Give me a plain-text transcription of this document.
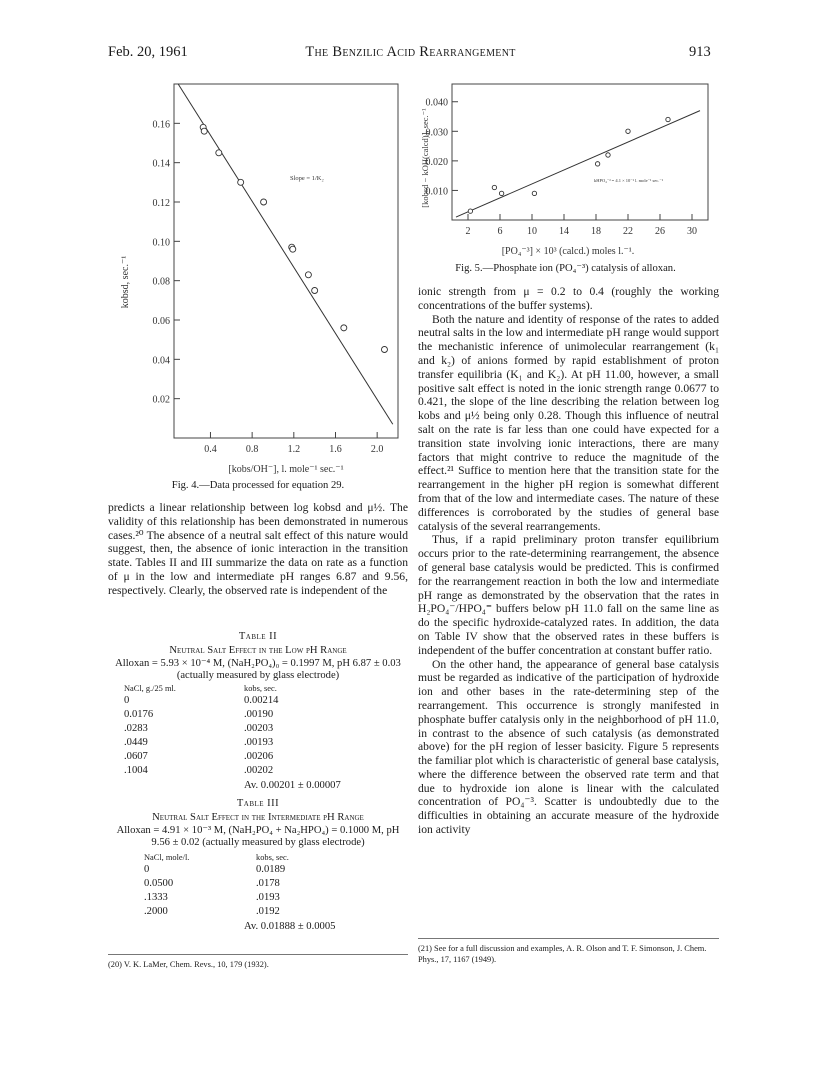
Feb. 20, 1961	The Benzilic Acid Rearrangement	913
0.02
0.04
0.06
0.08
0.10
0.12
0.14
0.16
0.4	0.8	1.2	1.6	2.0
[kobs/OH⁻], l. mole⁻¹ sec.⁻¹
kobsd, sec.⁻¹
Slope = 1/K₂
Fig. 4.—Data processed for equation 29.
0.010
0.020
0.030
0.040
2	6 10 14 18 22 26 30
[PO₄⁻³] × 10³ (calcd.) moles l.⁻¹.
[kobsd − kOH(calcd)], sec.⁻¹	kHPO₄⁻³ = 4.1 × 10⁻¹ l. mole⁻¹ sec.⁻¹
Fig. 5.—Phosphate ion (PO₄⁻³) catalysis of alloxan.

predicts a linear relationship between log kobsd and μ½. The validity of this relationship has been demonstrated in numerous cases.²⁰ The absence of a neutral salt effect of this nature would suggest, then, the absence of ionic interaction in the transition state. Tables II and III summarize the data on rate as a function of μ in the low and intermediate pH ranges 6.87 and 9.56, respectively. Clearly, the observed rate is independent of the

Table II
Neutral Salt Effect in the Low pH Range
Alloxan = 5.93 × 10⁻⁴ M, (NaH₂PO₄)₀ = 0.1997 M, pH 6.87 ± 0.03 (actually measured by glass electrode)
NaCl, g./25 ml.	kobs, sec.
0	0.00214
0.0176	.00190
.0283	.00203
.0449	.00193
.0607	.00206
.1004	.00202
Av. 0.00201 ± 0.00007
Table III
Neutral Salt Effect in the Intermediate pH Range
Alloxan = 4.91 × 10⁻³ M, (NaH₂PO₄ + Na₂HPO₄) = 0.1000 M, pH 9.56 ± 0.02 (actually measured by glass electrode)
NaCl, mole/l.	kobs, sec.
0	0.0189
0.0500	.0178
.1333	.0193
.2000	.0192
Av. 0.01888 ± 0.0005
(20) V. K. LaMer, Chem. Revs., 10, 179 (1932).

ionic strength from μ = 0.2 to 0.4 (roughly the working concentrations of the buffer systems).

Both the nature and identity of response of the rates to added neutral salts in the low and intermediate pH range would support the mechanistic inference of unimolecular rearrangement (k₁ and k₂) of anions formed by rapid establishment of proton transfer equilibria (K₁ and K₂). At pH 11.00, however, a small positive salt effect is noted in the ionic strength range 0.0677 to 0.421, the slope of the line describing the relation between log kobs and μ½ being only 0.28. Though this influence of neutral salt on the rate is far less than one could have expected for a transition state involving ionic interactions, there are many factors that might contrive to reduce the magnitude of the effect.²¹ Suffice to mention here that the transition state for the rearrangement in the higher pH region is somewhat different from that of the low and intermediate cases. The nature of these differences is corroborated by the studies of general base catalysis of the several rearrangements.

Thus, if a rapid preliminary proton transfer equilibrium occurs prior to the rate-determining rearrangement, the absence of general base catalysis would be predicted. This is confirmed for the rearrangement reaction in both the low and intermediate pH range as demonstrated by the observation that the rates in H₂PO₄⁻/HPO₄⁼ buffers below pH 11.0 fall on the same line as do the specific hydroxide-catalyzed rates. In addition, the data on Table IV show that the observed rates in these buffers is independent of the buffer concentration at constant buffer ratio.

On the other hand, the appearance of general base catalysis must be regarded as indicative of the participation of hydroxide ion and other bases in the rate-determining step of the rearrangement. This occurrence is strongly manifested in phosphate buffer catalysis only in the neighborhood of pH 11.0, in contrast to the absence of such catalysis (as demonstrated above) for the pH region of lesser basicity. Figure 5 represents the familiar plot which is characteristic of general base catalysis, where the difference between the observed rate term and that due to hydroxide ion alone is linear with the calculated concentration of PO₄⁻³. Scatter is undoubtedly due to the difficulties in obtaining an accurate measure of the hydroxide ion activity

(21) See for a full discussion and examples, A. R. Olson and T. F. Simonson, J. Chem. Phys., 17, 1167 (1949).
